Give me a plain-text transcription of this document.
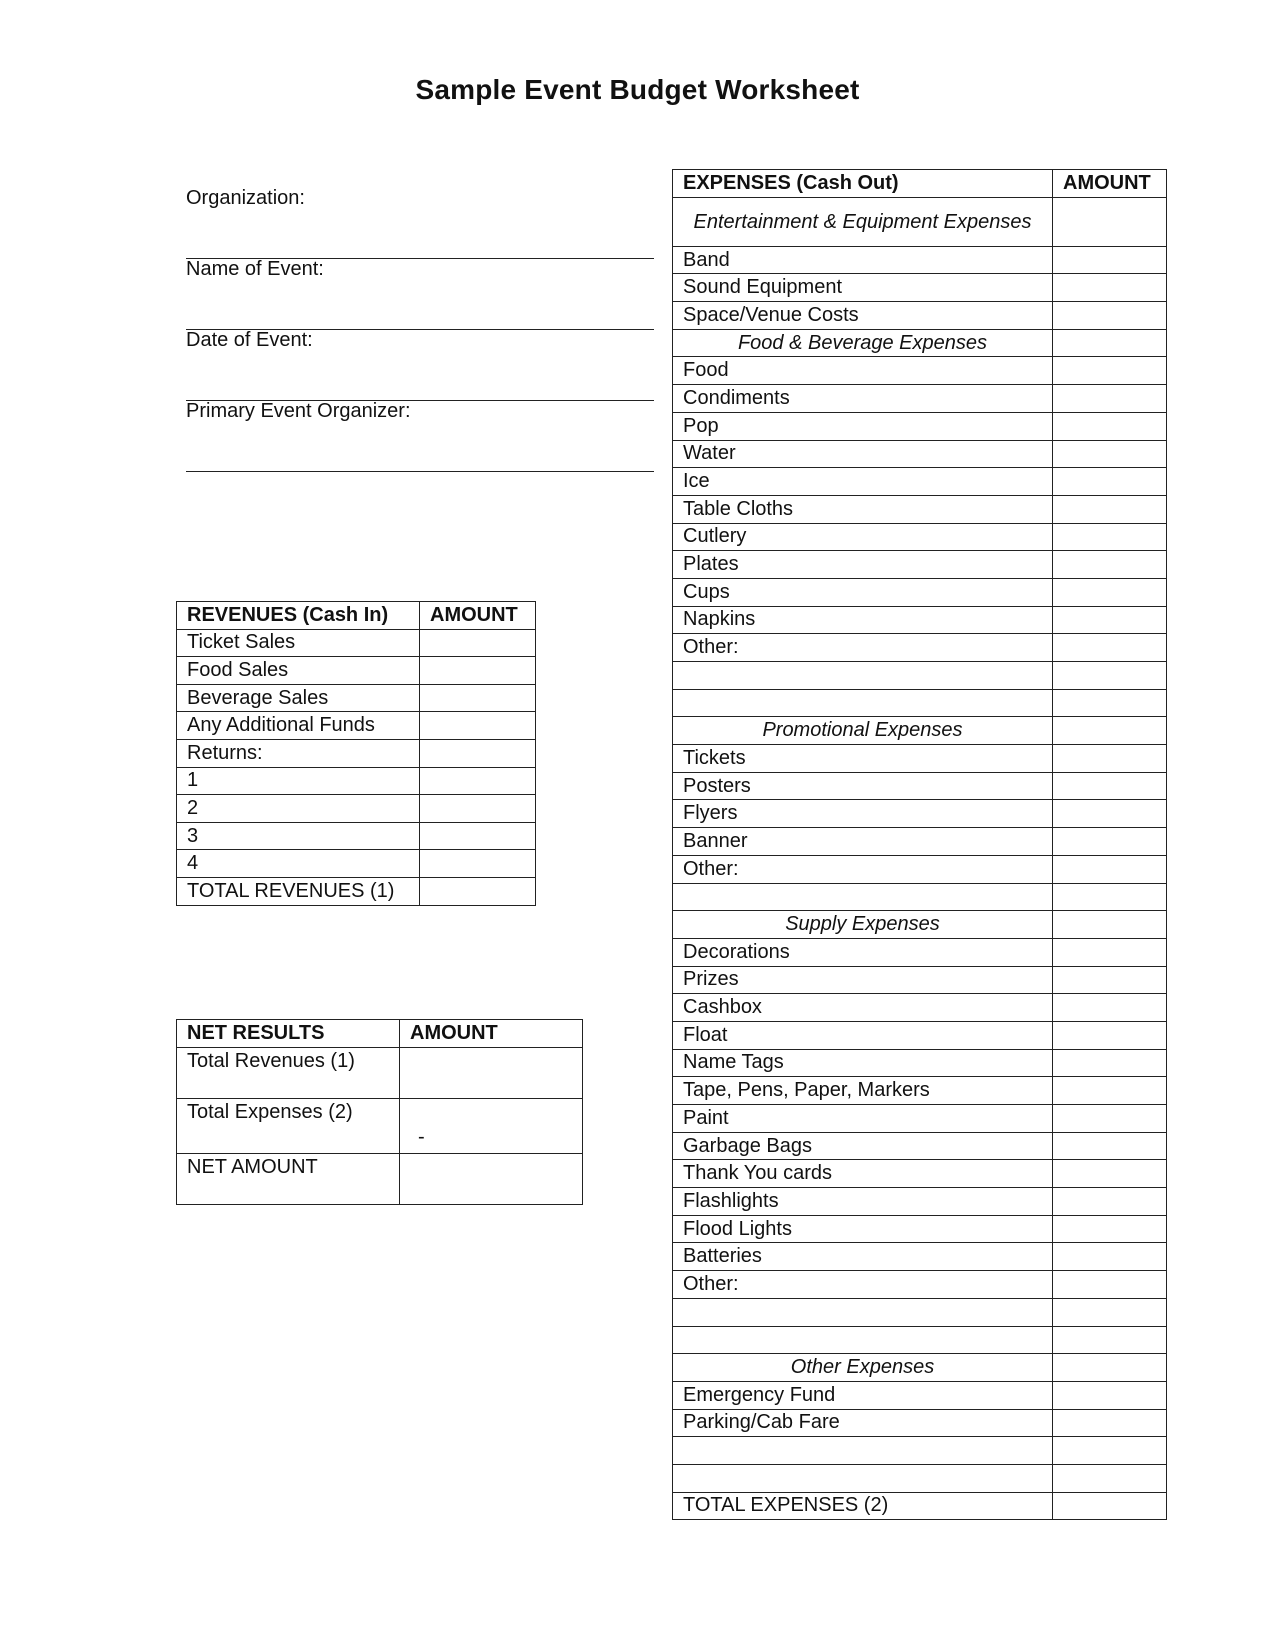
Sample Event Budget Worksheet
Organization:
Name of Event:
Date of Event:
Primary Event Organizer:
REVENUES (Cash In)	AMOUNT
Ticket Sales	
Food Sales	
Beverage Sales	
Any Additional Funds	
Returns:	
1	
2	
3	
4	
TOTAL REVENUES (1)	
NET RESULTS	AMOUNT
Total Revenues (1)	
Total Expenses (2)	-
NET AMOUNT	
EXPENSES (Cash Out)	AMOUNT
Entertainment & Equipment Expenses	
Band	
Sound Equipment	
Space/Venue Costs	
Food & Beverage Expenses	
Food	
Condiments	
Pop	
Water	
Ice	
Table Cloths	
Cutlery	
Plates	
Cups	
Napkins	
Other:	

Promotional Expenses	
Tickets	
Posters	
Flyers	
Banner	
Other:	

Supply Expenses	
Decorations	
Prizes	
Cashbox	
Float	
Name Tags	
Tape, Pens, Paper, Markers	
Paint	
Garbage Bags	
Thank You cards	
Flashlights	
Flood Lights	
Batteries	
Other:	

Other Expenses	
Emergency Fund	
Parking/Cab Fare	

TOTAL EXPENSES (2)	
